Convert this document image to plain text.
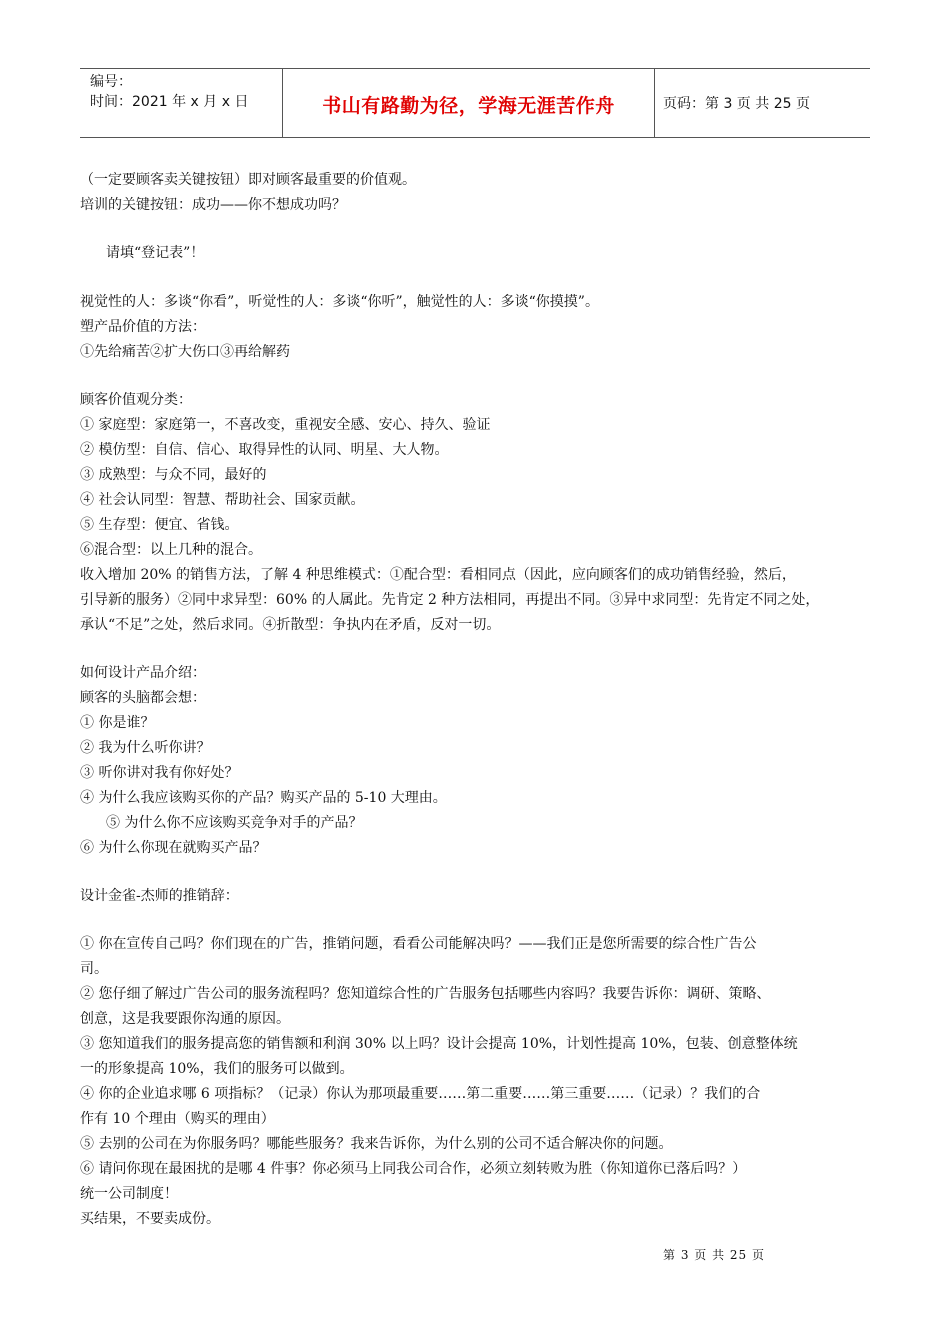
编号：
时间：2021 年 x 月 x 日	书山有路勤为径，学海无涯苦作舟	页码：第 3 页 共 25 页
（一定要顾客卖关键按钮）即对顾客最重要的价值观。
培训的关键按钮：成功——你不想成功吗？
请填“登记表”！
视觉性的人：多谈“你看”，听觉性的人：多谈“你听”，触觉性的人：多谈“你摸摸”。
塑产品价值的方法：
①先给痛苦②扩大伤口③再给解药
顾客价值观分类：
① 家庭型：家庭第一，不喜改变，重视安全感、安心、持久、验证
② 模仿型：自信、信心、取得异性的认同、明星、大人物。
③ 成熟型：与众不同，最好的
④ 社会认同型：智慧、帮助社会、国家贡献。
⑤ 生存型：便宜、省钱。
⑥混合型：以上几种的混合。
收入增加 20% 的销售方法，了解 4 种思维模式：①配合型：看相同点（因此，应向顾客们的成功销售经验，然后，
引导新的服务）②同中求异型：60% 的人属此。先肯定 2 种方法相同，再提出不同。③异中求同型：先肯定不同之处，
承认“不足”之处，然后求同。④折散型：争执内在矛盾，反对一切。
如何设计产品介绍：
顾客的头脑都会想：
① 你是谁？
② 我为什么听你讲？
③ 听你讲对我有你好处？
④ 为什么我应该购买你的产品？购买产品的 5-10 大理由。
⑤ 为什么你不应该购买竞争对手的产品？
⑥ 为什么你现在就购买产品？
设计金雀-杰师的推销辞：
① 你在宣传自己吗？你们现在的广告，推销问题，看看公司能解决吗？——我们正是您所需要的综合性广告公
司。
② 您仔细了解过广告公司的服务流程吗？您知道综合性的广告服务包括哪些内容吗？我要告诉你：调研、策略、
创意，这是我要跟你沟通的原因。
③ 您知道我们的服务提高您的销售额和利润 30% 以上吗？设计会提高 10%，计划性提高 10%，包装、创意整体统
一的形象提高 10%，我们的服务可以做到。
④ 你的企业追求哪 6 项指标？（记录）你认为那项最重要……第二重要……第三重要……（记录）？我们的合
作有 10 个理由（购买的理由）
⑤ 去别的公司在为你服务吗？哪能些服务？我来告诉你，为什么别的公司不适合解决你的问题。
⑥ 请问你现在最困扰的是哪 4 件事？你必须马上同我公司合作，必须立刻转败为胜（你知道你已落后吗？）
统一公司制度！
买结果，不要卖成份。
第 3 页 共 25 页
